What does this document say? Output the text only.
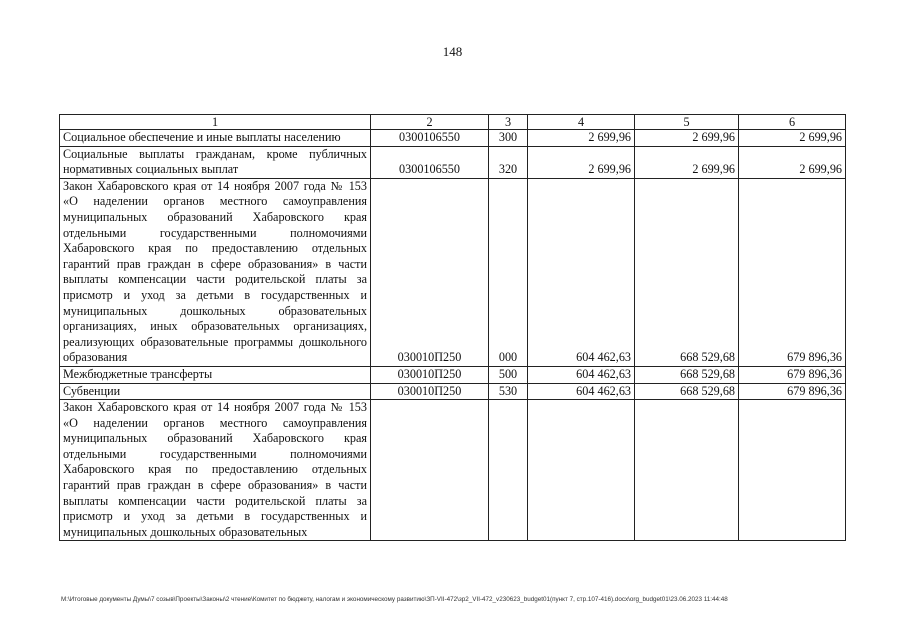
148
1	2	3	4	5	6
Социальное обеспечение и иные выплаты населению	0300106550	300	2 699,96	2 699,96	2 699,96
Социальные выплаты гражданам, кроме публичных нормативных социальных выплат	0300106550	320	2 699,96	2 699,96	2 699,96
Закон Хабаровского края от 14 ноября 2007 года № 153 «О наделении органов местного самоуправления муниципальных образований Хабаровского края отдельными государственными полномочиями Хабаровского края по предоставлению отдельных гарантий прав граждан в сфере образования» в части выплаты компенсации части родительской платы за присмотр и уход за детьми в государственных и муниципальных дошкольных образовательных организациях, иных образовательных организациях, реализующих образовательные программы дошкольного образования	030010П250	000	604 462,63	668 529,68	679 896,36
Межбюджетные трансферты	030010П250	500	604 462,63	668 529,68	679 896,36
Субвенции	030010П250	530	604 462,63	668 529,68	679 896,36
Закон Хабаровского края от 14 ноября 2007 года № 153 «О наделении органов местного самоуправления муниципальных образований Хабаровского края отдельными государственными полномочиями Хабаровского края по предоставлению отдельных гарантий прав граждан в сфере образования» в части выплаты компенсации части родительской платы за присмотр и уход за детьми в государственных и муниципальных дошкольных образовательных					
M:\Итоговые документы Думы\7 созыв\Проекты\Законы\2 чтение\Комитет по бюджету, налогам и экономическому развитию\ЗП-VII-472\зр2_VII-472_v230623_budget01(пункт 7, стр.107-416).docx\org_budget01\23.06.2023 11:44:48
